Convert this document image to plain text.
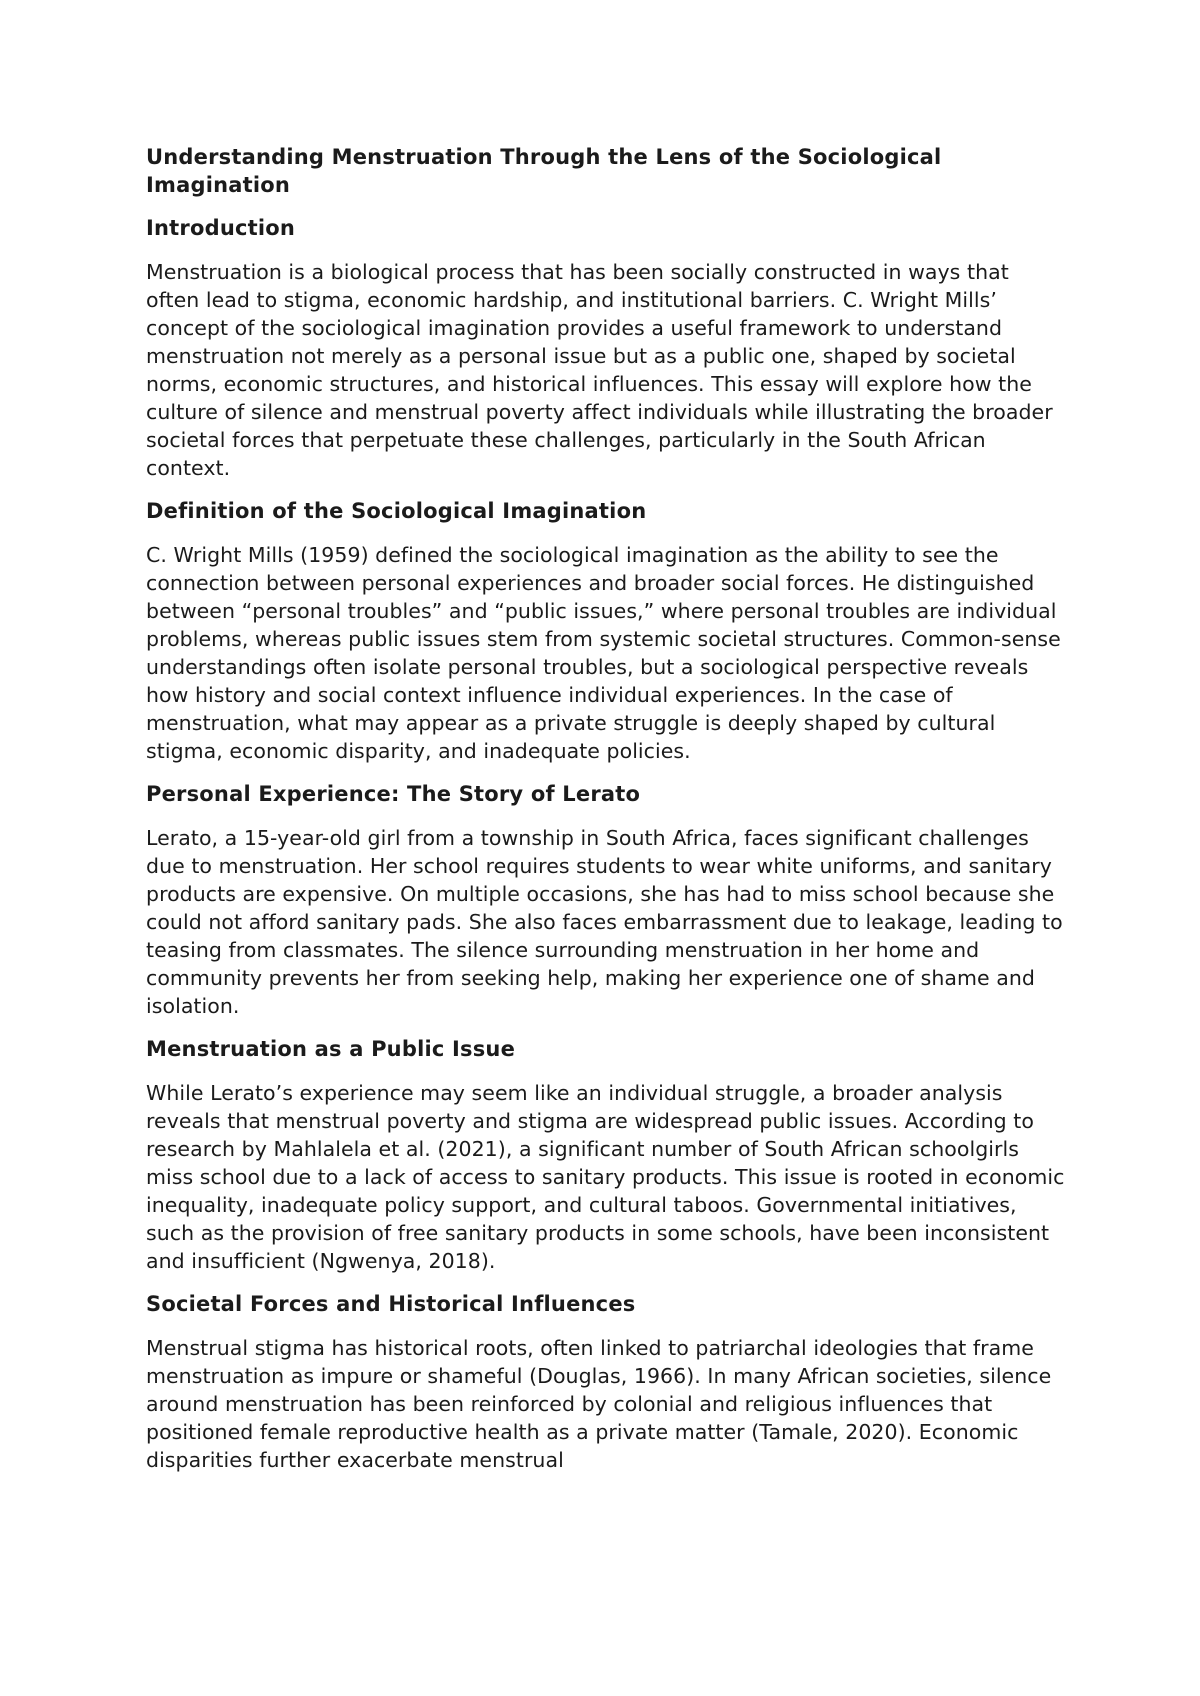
Understanding Menstruation Through the Lens of the Sociological Imagination
Introduction
Menstruation is a biological process that has been socially constructed in ways that often lead to stigma, economic hardship, and institutional barriers. C. Wright Mills’ concept of the sociological imagination provides a useful framework to understand menstruation not merely as a personal issue but as a public one, shaped by societal norms, economic structures, and historical influences. This essay will explore how the culture of silence and menstrual poverty affect individuals while illustrating the broader societal forces that perpetuate these challenges, particularly in the South African context.
Definition of the Sociological Imagination
C. Wright Mills (1959) defined the sociological imagination as the ability to see the connection between personal experiences and broader social forces. He distinguished between “personal troubles” and “public issues,” where personal troubles are individual problems, whereas public issues stem from systemic societal structures. Common-sense understandings often isolate personal troubles, but a sociological perspective reveals how history and social context influence individual experiences. In the case of menstruation, what may appear as a private struggle is deeply shaped by cultural stigma, economic disparity, and inadequate policies.
Personal Experience: The Story of Lerato
Lerato, a 15-year-old girl from a township in South Africa, faces significant challenges due to menstruation. Her school requires students to wear white uniforms, and sanitary products are expensive. On multiple occasions, she has had to miss school because she could not afford sanitary pads. She also faces embarrassment due to leakage, leading to teasing from classmates. The silence surrounding menstruation in her home and community prevents her from seeking help, making her experience one of shame and isolation.
Menstruation as a Public Issue
While Lerato’s experience may seem like an individual struggle, a broader analysis reveals that menstrual poverty and stigma are widespread public issues. According to research by Mahlalela et al. (2021), a significant number of South African schoolgirls miss school due to a lack of access to sanitary products. This issue is rooted in economic inequality, inadequate policy support, and cultural taboos. Governmental initiatives, such as the provision of free sanitary products in some schools, have been inconsistent and insufficient (Ngwenya, 2018).
Societal Forces and Historical Influences
Menstrual stigma has historical roots, often linked to patriarchal ideologies that frame menstruation as impure or shameful (Douglas, 1966). In many African societies, silence around menstruation has been reinforced by colonial and religious influences that positioned female reproductive health as a private matter (Tamale, 2020). Economic disparities further exacerbate menstrual
